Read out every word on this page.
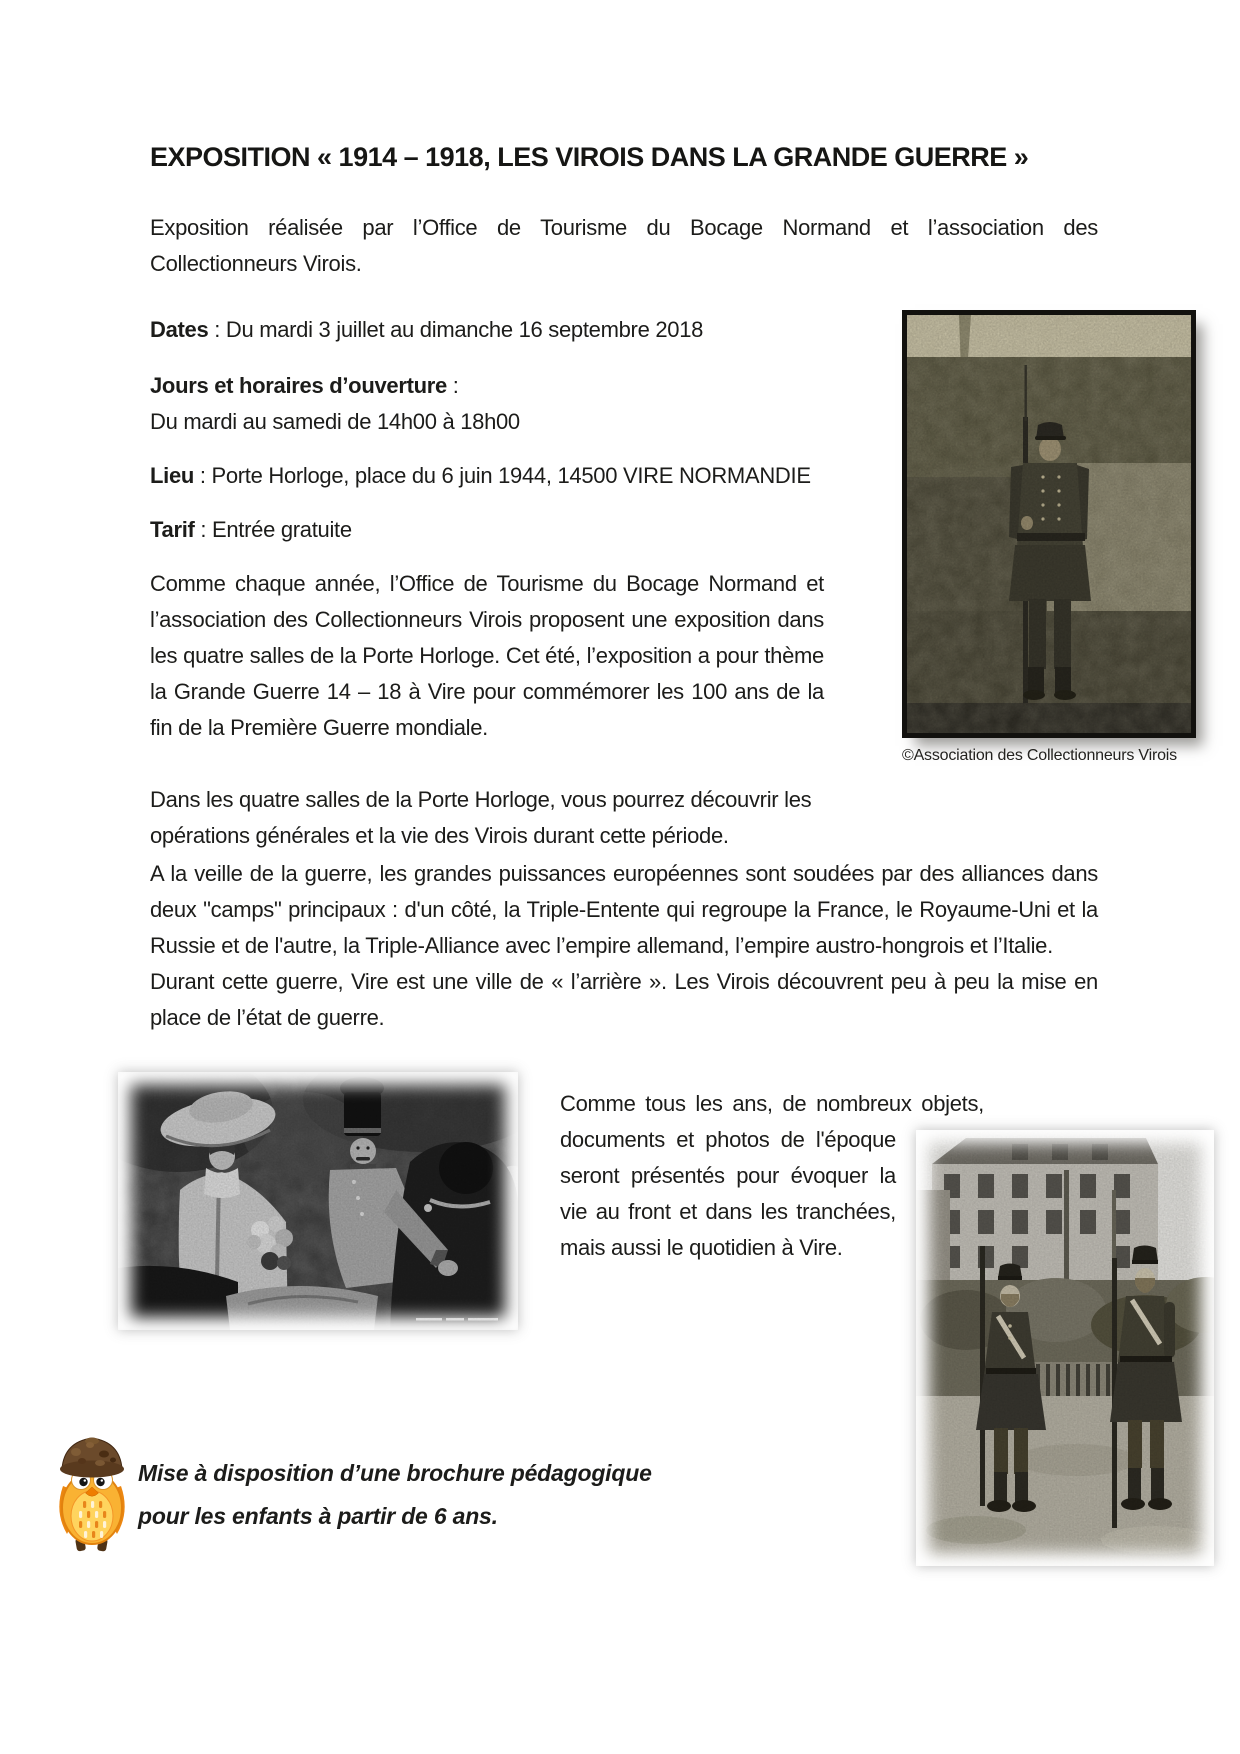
EXPOSITION « 1914 – 1918, LES VIROIS DANS LA GRANDE GUERRE »

Exposition réalisée par l’Office de Tourisme du Bocage Normand et l’association des Collectionneurs Virois.

Dates : Du mardi 3 juillet au dimanche 16 septembre 2018

Jours et horaires d’ouverture :

Du mardi au samedi de 14h00 à 18h00

Lieu : Porte Horloge, place du 6 juin 1944, 14500 VIRE NORMANDIE

Tarif : Entrée gratuite

Comme chaque année, l’Office de Tourisme du Bocage Normand et l’association des Collectionneurs Virois proposent une exposition dans les quatre salles de la Porte Horloge. Cet été, l’exposition a pour thème la Grande Guerre 14 – 18 à Vire pour commémorer les 100 ans de la fin de la Première Guerre mondiale.

©Association des Collectionneurs Virois

Dans les quatre salles de la Porte Horloge, vous pourrez découvrir les opérations générales et la vie des Virois durant cette période.

A la veille de la guerre, les grandes puissances européennes sont soudées par des alliances dans deux "camps" principaux : d'un côté, la Triple-Entente qui regroupe la France, le Royaume-Uni et la Russie et de l'autre, la Triple-Alliance avec l’empire allemand, l’empire austro-hongrois et l’Italie.

Durant cette guerre, Vire est une ville de « l’arrière ». Les Virois découvrent peu à peu la mise en place de l’état de guerre.

Comme tous les ans, de nombreux objets, documents et photos de l'époque seront présentés pour évoquer la vie au front et dans les tranchées, mais aussi le quotidien à Vire.

Mise à disposition d’une brochure pédagogique pour les enfants à partir de 6 ans.
